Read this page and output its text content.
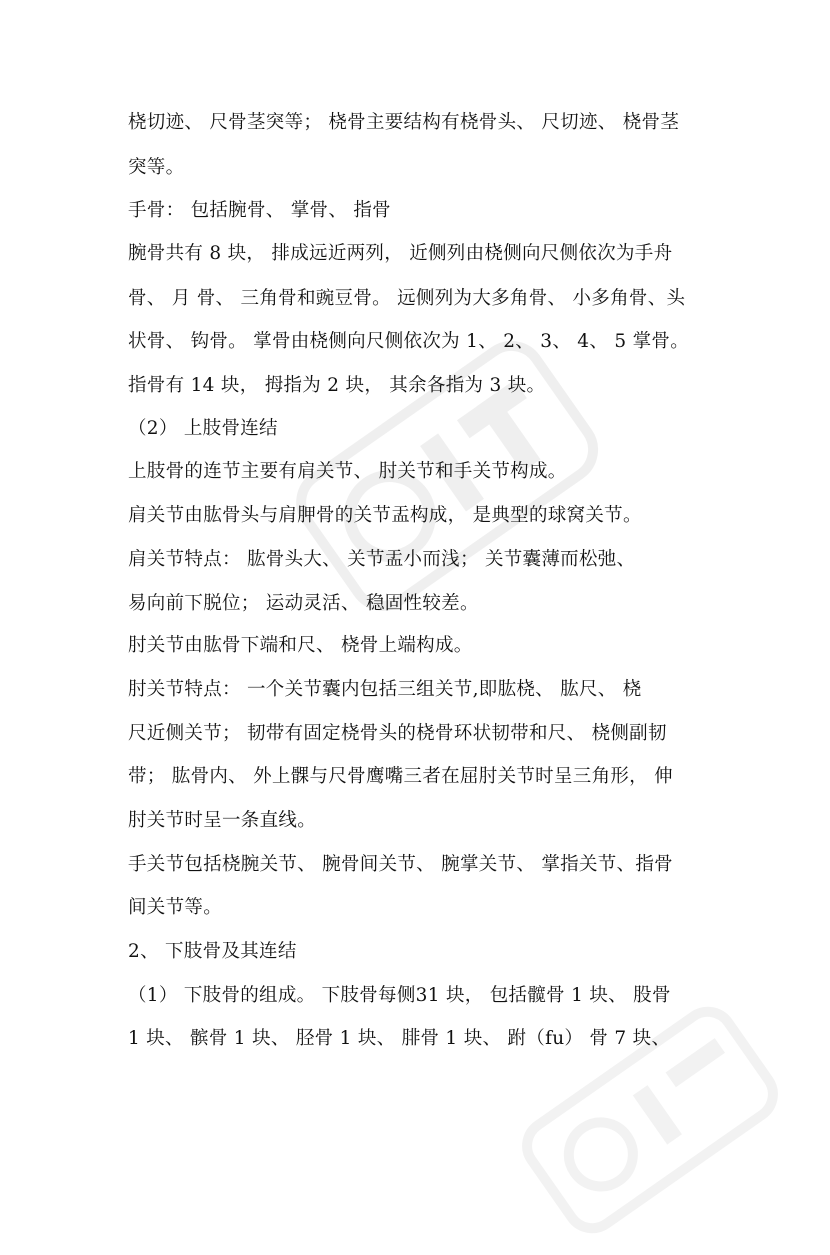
桡切迹、 尺骨茎突等； 桡骨主要结构有桡骨头、 尺切迹、 桡骨茎
突等。
手骨： 包括腕骨、 掌骨、 指骨
腕骨共有 8 块， 排成远近两列， 近侧列由桡侧向尺侧依次为手舟
骨、 月 骨、 三角骨和豌豆骨。 远侧列为大多角骨、 小多角骨、头
状骨、 钩骨。 掌骨由桡侧向尺侧依次为 1、 2、 3、 4、 5 掌骨。
指骨有 14 块， 拇指为 2 块， 其余各指为 3 块。
（2） 上肢骨连结
上肢骨的连节主要有肩关节、 肘关节和手关节构成。
肩关节由肱骨头与肩胛骨的关节盂构成， 是典型的球窝关节。
肩关节特点： 肱骨头大、 关节盂小而浅； 关节囊薄而松弛、
易向前下脱位； 运动灵活、 稳固性较差。
肘关节由肱骨下端和尺、 桡骨上端构成。
肘关节特点： 一个关节囊内包括三组关节,即肱桡、 肱尺、 桡
尺近侧关节； 韧带有固定桡骨头的桡骨环状韧带和尺、 桡侧副韧
带； 肱骨内、 外上髁与尺骨鹰嘴三者在屈肘关节时呈三角形， 伸
肘关节时呈一条直线。
手关节包括桡腕关节、 腕骨间关节、 腕掌关节、 掌指关节、指骨
间关节等。
2、 下肢骨及其连结
（1） 下肢骨的组成。 下肢骨每侧31 块， 包括髋骨 1 块、 股骨
1 块、 髌骨 1 块、 胫骨 1 块、 腓骨 1 块、 跗（fu） 骨 7 块、
